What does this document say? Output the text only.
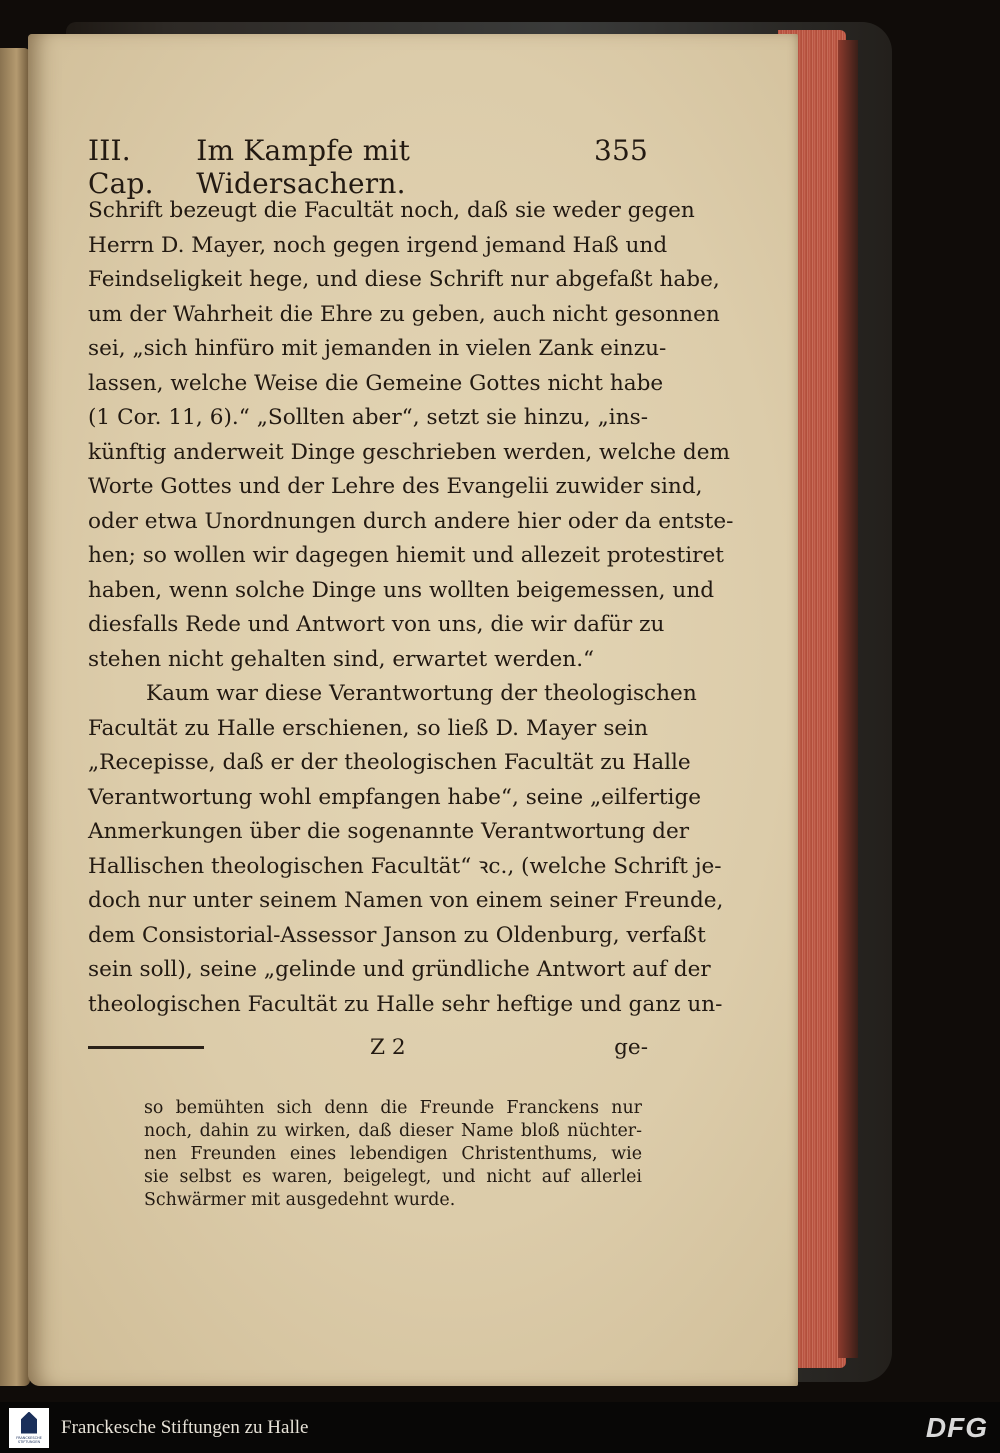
III. Cap.
Im Kampfe mit Widersachern.
355
Schrift bezeugt die Facultät noch, daß sie weder gegen
Herrn D. Mayer, noch gegen irgend jemand Haß und
Feindseligkeit hege, und diese Schrift nur abgefaßt habe,
um der Wahrheit die Ehre zu geben, auch nicht gesonnen
sei, „sich hinfüro mit jemanden in vielen Zank einzu-
lassen, welche Weise die Gemeine Gottes nicht habe
(1 Cor. 11, 6).“ „Sollten aber“, setzt sie hinzu, „ins-
künftig anderweit Dinge geschrieben werden, welche dem
Worte Gottes und der Lehre des Evangelii zuwider sind,
oder etwa Unordnungen durch andere hier oder da entste-
hen; so wollen wir dagegen hiemit und allezeit protestiret
haben, wenn solche Dinge uns wollten beigemessen, und
diesfalls Rede und Antwort von uns, die wir dafür zu
stehen nicht gehalten sind, erwartet werden.“
Kaum war diese Verantwortung der theologischen
Facultät zu Halle erschienen, so ließ D. Mayer sein
„Recepisse, daß er der theologischen Facultät zu Halle
Verantwortung wohl empfangen habe“, seine „eilfertige
Anmerkungen über die sogenannte Verantwortung der
Hallischen theologischen Facultät“ ꝛc., (welche Schrift je-
doch nur unter seinem Namen von einem seiner Freunde,
dem Consistorial-Assessor Janson zu Oldenburg, verfaßt
sein soll), seine „gelinde und gründliche Antwort auf der
theologischen Facultät zu Halle sehr heftige und ganz un-
Z 2	ge-
so bemühten sich denn die Freunde Franckens nur
noch, dahin zu wirken, daß dieser Name bloß nüchter-
nen Freunden eines lebendigen Christenthums, wie
sie selbst es waren, beigelegt, und nicht auf allerlei
Schwärmer mit ausgedehnt wurde.
FRANCKESCHE STIFTUNGEN
Franckesche Stiftungen zu Halle	DFG
